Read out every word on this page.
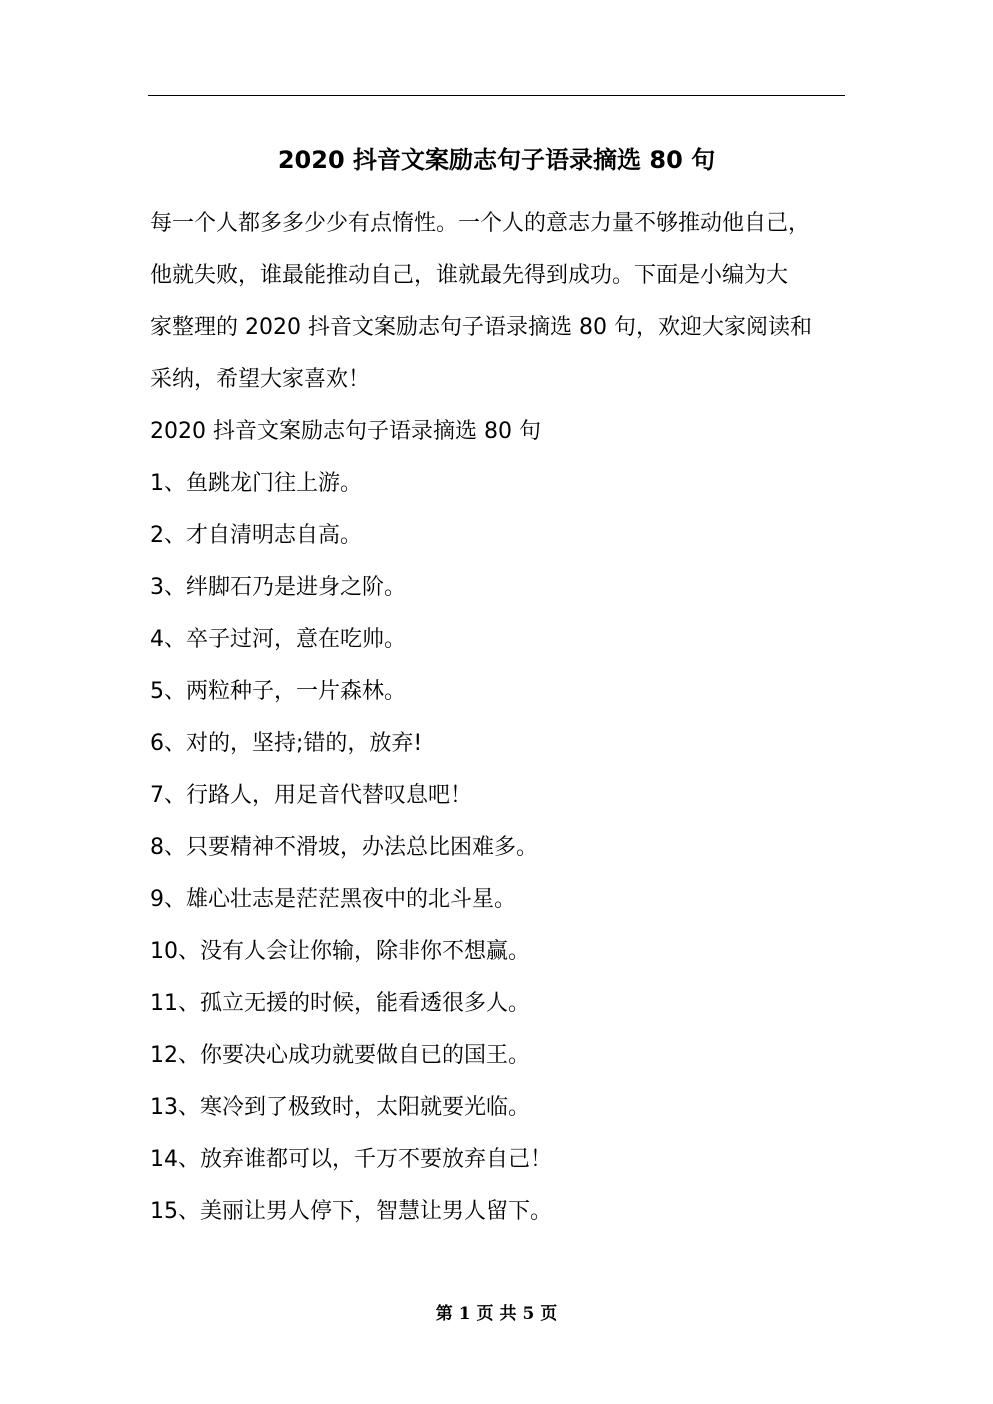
2020 抖音文案励志句子语录摘选 80 句

每一个人都多多少少有点惰性。一个人的意志力量不够推动他自己，

他就失败，谁最能推动自己，谁就最先得到成功。下面是小编为大

家整理的 2020 抖音文案励志句子语录摘选 80 句，欢迎大家阅读和

采纳，希望大家喜欢！

2020 抖音文案励志句子语录摘选 80 句

1、鱼跳龙门往上游。
2、才自清明志自高。
3、绊脚石乃是进身之阶。
4、卒子过河，意在吃帅。
5、两粒种子，一片森林。
6、对的，坚持;错的，放弃!
7、行路人，用足音代替叹息吧！
8、只要精神不滑坡，办法总比困难多。
9、雄心壮志是茫茫黑夜中的北斗星。
10、没有人会让你输，除非你不想赢。
11、孤立无援的时候，能看透很多人。
12、你要决心成功就要做自已的国王。
13、寒冷到了极致时，太阳就要光临。
14、放弃谁都可以，千万不要放弃自己！
15、美丽让男人停下，智慧让男人留下。
第 1 页 共 5 页
